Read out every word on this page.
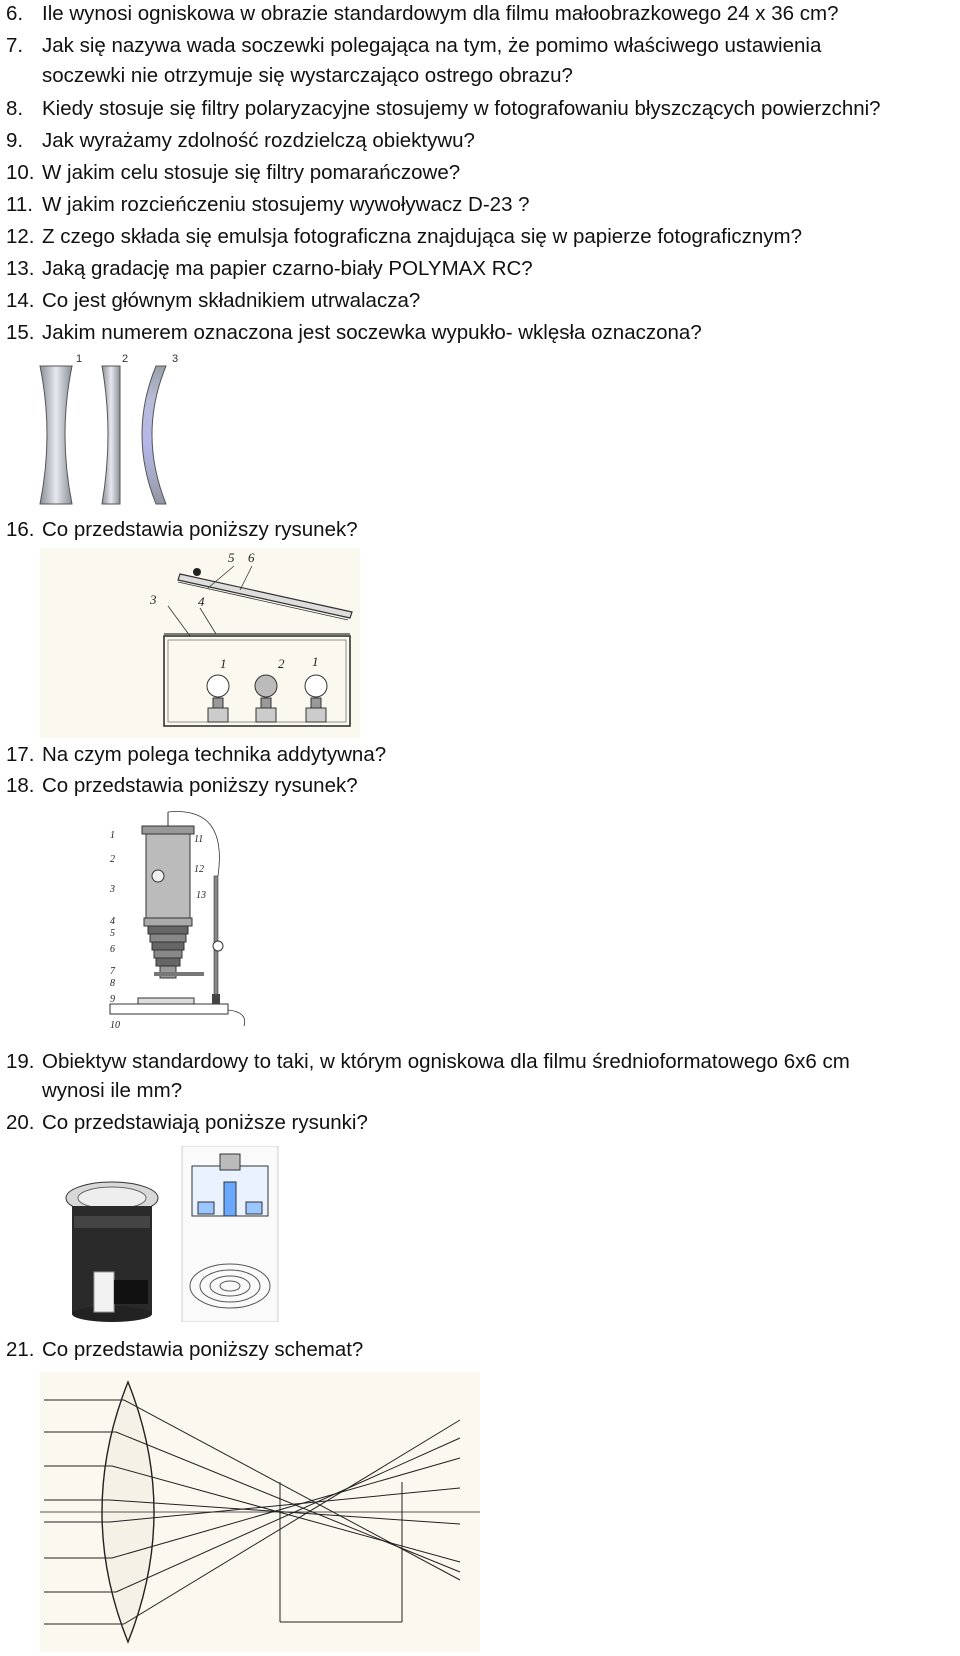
6. Ile wynosi ogniskowa w obrazie standardowym dla filmu małoobrazkowego 24 x 36 cm?
7. Jak się nazywa wada soczewki polegająca na tym, że pomimo właściwego ustawienia
soczewki nie otrzymuje się wystarczająco ostrego obrazu?
8. Kiedy stosuje się filtry polaryzacyjne stosujemy w fotografowaniu błyszczących powierzchni?
9. Jak wyrażamy zdolność rozdzielczą obiektywu?
10. W jakim celu stosuje się filtry pomarańczowe?
11. W jakim rozcieńczeniu stosujemy wywoływacz D-23 ?
12. Z czego składa się emulsja fotograficzna znajdująca się w papierze fotograficznym?
13. Jaką gradację ma papier czarno-biały POLYMAX RC?
14. Co jest głównym składnikiem utrwalacza?
15. Jakim numerem oznaczona jest soczewka wypukło- wklęsła oznaczona?
1	2	3
16. Co przedstawia poniższy rysunek?
5 6
3	4
1	2 1
17. Na czym polega technika addytywna?
18. Co przedstawia poniższy rysunek?
1
2
3
4
5
6
7
8
9
10
11
12
13
19. Obiektyw standardowy to taki, w którym ogniskowa dla filmu średnioformatowego 6x6 cm
wynosi ile mm?
20. Co przedstawiają poniższe rysunki?
21. Co przedstawia poniższy schemat?
